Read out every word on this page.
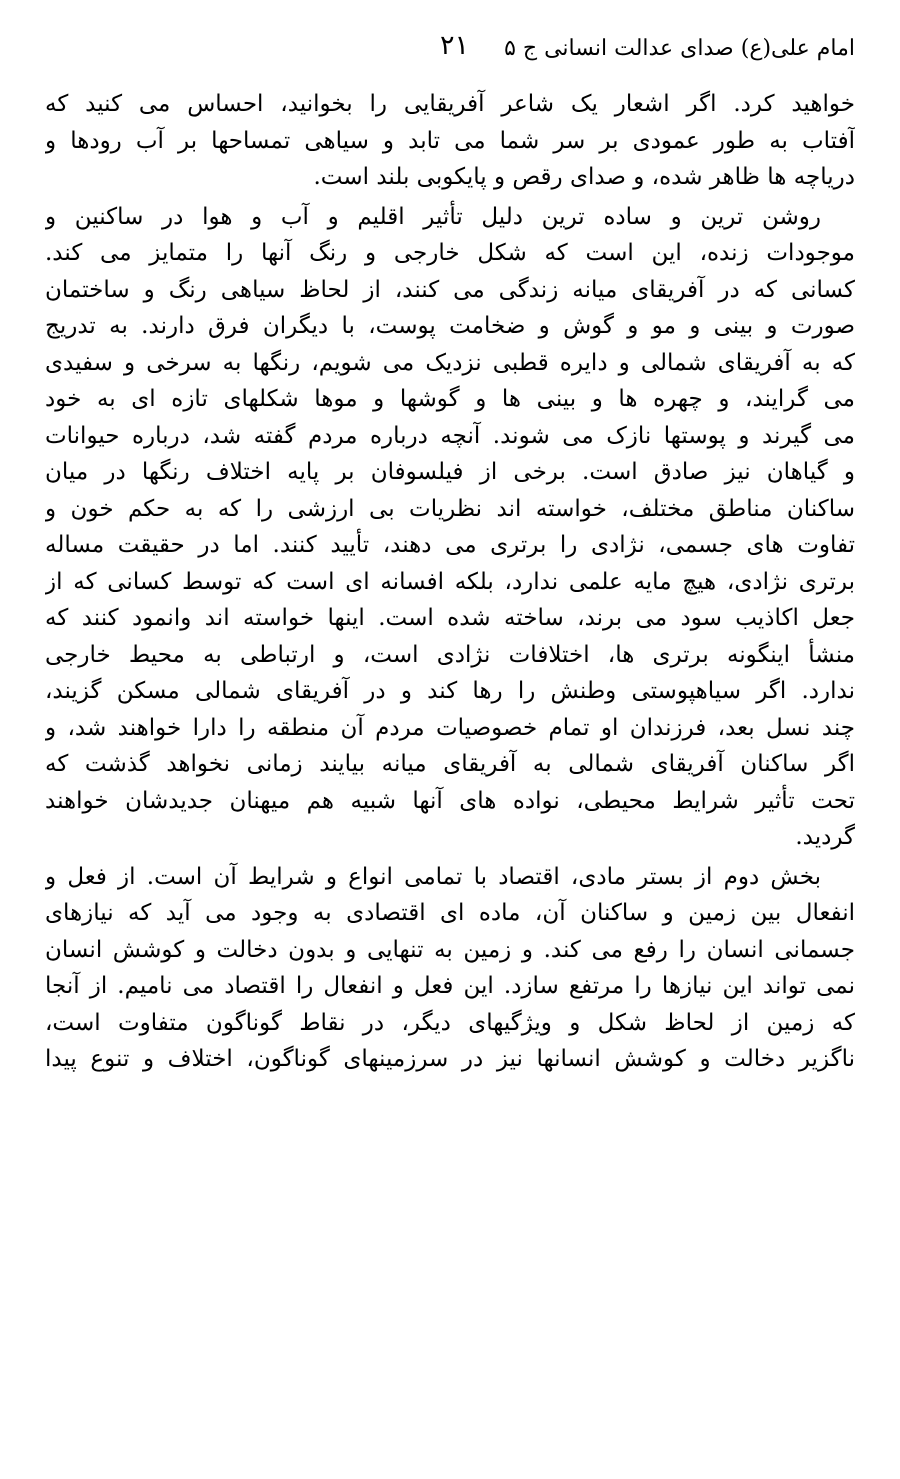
امام علی(ع) صدای عدالت انسانی ج ۵
۲۱
خواهید کرد. اگر اشعار یک شاعر آفریقایی را بخوانید، احساس می کنید که
آفتاب به طور عمودی بر سر شما می تابد و سیاهی تمساحها بر آب رودها و
دریاچه ها ظاهر شده، و صدای رقص و پایکوبی بلند است.
روشن ترین و ساده ترین دلیل تأثیر اقلیم و آب و هوا در ساکنین و
موجودات زنده، این است که شکل خارجی و رنگ آنها را متمایز می کند.
کسانی که در آفریقای میانه زندگی می کنند، از لحاظ سیاهی رنگ و ساختمان
صورت و بینی و مو و گوش و ضخامت پوست، با دیگران فرق دارند. به تدریج
که به آفریقای شمالی و دایره قطبی نزدیک می شویم، رنگها به سرخی و سفیدی
می گرایند، و چهره ها و بینی ها و گوشها و موها شکلهای تازه ای به خود
می گیرند و پوستها نازک می شوند. آنچه درباره مردم گفته شد، درباره حیوانات
و گیاهان نیز صادق است. برخی از فیلسوفان بر پایه اختلاف رنگها در میان
ساکنان مناطق مختلف، خواسته اند نظریات بی ارزشی را که به حکم خون و
تفاوت های جسمی، نژادی را برتری می دهند، تأیید کنند. اما در حقیقت مساله
برتری نژادی، هیچ مایه علمی ندارد، بلکه افسانه ای است که توسط کسانی که از
جعل اکاذیب سود می برند، ساخته شده است. اینها خواسته اند وانمود کنند که
منشأ اینگونه برتری ها، اختلافات نژادی است، و ارتباطی به محیط خارجی
ندارد. اگر سیاهپوستی وطنش را رها کند و در آفریقای شمالی مسکن گزیند،
چند نسل بعد، فرزندان او تمام خصوصیات مردم آن منطقه را دارا خواهند شد، و
اگر ساکنان آفریقای شمالی به آفریقای میانه بیایند زمانی نخواهد گذشت که
تحت تأثیر شرایط محیطی، نواده های آنها شبیه هم میهنان جدیدشان خواهند
گردید.
بخش دوم از بستر مادی، اقتصاد با تمامی انواع و شرایط آن است. از فعل و
انفعال بین زمین و ساکنان آن، ماده ای اقتصادی به وجود می آید که نیازهای
جسمانی انسان را رفع می کند. و زمین به تنهایی و بدون دخالت و کوشش انسان
نمی تواند این نیازها را مرتفع سازد. این فعل و انفعال را اقتصاد می نامیم. از آنجا
که زمین از لحاظ شکل و ویژگیهای دیگر، در نقاط گوناگون متفاوت است،
ناگزیر دخالت و کوشش انسانها نیز در سرزمینهای گوناگون، اختلاف و تنوع پیدا
